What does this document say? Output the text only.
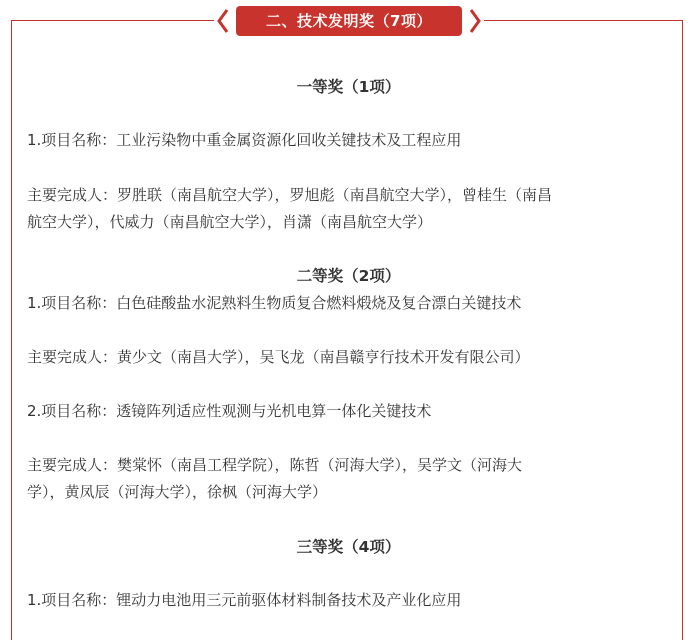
二、技术发明奖（7项）
一等奖（1项）
1.项目名称：工业污染物中重金属资源化回收关键技术及工程应用
主要完成人：罗胜联（南昌航空大学），罗旭彪（南昌航空大学），曾桂生（南昌
航空大学），代威力（南昌航空大学），肖潇（南昌航空大学）
二等奖（2项）
1.项目名称：白色硅酸盐水泥熟料生物质复合燃料煅烧及复合漂白关键技术
主要完成人：黄少文（南昌大学），吴飞龙（南昌赣亨行技术开发有限公司）
2.项目名称：透镜阵列适应性观测与光机电算一体化关键技术
主要完成人：樊棠怀（南昌工程学院），陈哲（河海大学），吴学文（河海大
学），黄凤辰（河海大学），徐枫（河海大学）
三等奖（4项）
1.项目名称：锂动力电池用三元前驱体材料制备技术及产业化应用
